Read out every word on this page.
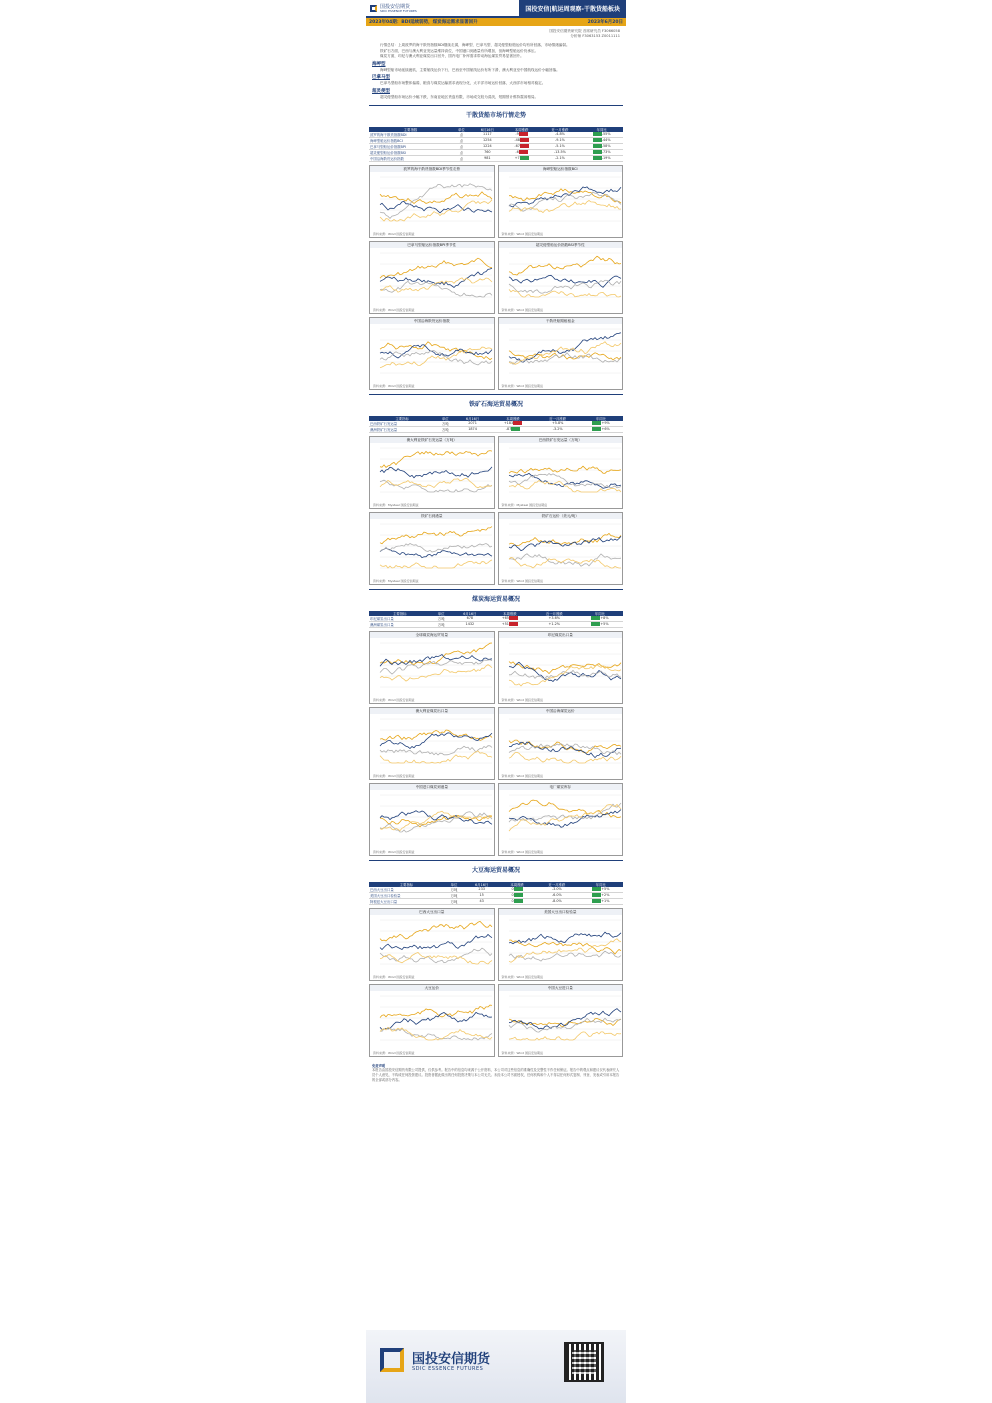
国投安信期货
SDIC ESSENCE FUTURES	国投安信|航运周观察-干散货船板块
2023年04期：BDI延续弱势，煤炭海运需求显著回升	2023年6月20日
国投安信期货研究院 首席研究员 F3066058
分析师 F3063153 Z0011111

行情总结：上周波罗的海干散货指数BDI继续走弱，海岬型、巴拿马型、超灵便型船舶运价均有所回落，市场情绪偏弱。

铁矿石方面，巴西与澳大利亚发运量维持高位，中国港口到港量有所增加，但海岬型船运价仍承压。

煤炭方面，印尼与澳大利亚煤炭出口回升，国内电厂补库需求带动海运煤炭贸易显著回升。

海岬型

海岬型船市场延续疲软，主要航线运价下行，巴西至中国航线运价有所下滑，澳大利亚至中国航线运价小幅回落。

巴拿马型

巴拿马型船市场整体偏弱，粮食与煤炭运输需求表现分化，太平洋市场运价回落，大西洋市场相对稳定。

超灵便型

超灵便型船市场运价小幅下跌，东南亚地区货盘有限，市场成交较为清淡，短期预计维持震荡格局。

$^{干散货船市场行情走势}$
主要指数	单位	6月16日	本周涨跌	近一月涨跌	年同比
波罗的海干散货指数BDI	点	1117	-9	-4.8%	-55%
海岬型船运价指数BCI	点	1254	-48	-9.1%	-44%
巴拿马型船运价指数BPI	点	1224	-67	-5.1%	-58%
超灵便型船运价指数BSI	点	760	-6	-13.5%	-73%
中国沿海散货运价指数	点	981	+7	-2.1%	-19%
波罗的海干散货指数BDI季节性走势
资料来源：Wind 国投安信期货
海岬型船运价指数BCI
资料来源：Wind 国投安信期货
巴拿马型船运价指数BPI季节性
资料来源：Wind 国投安信期货
超灵便型船运价指数BSI季节性
资料来源：Wind 国投安信期货
中国沿海散货运价指数
资料来源：Wind 国投安信期货
干散货船期租租金
资料来源：Wind 国投安信期货
$^{铁矿石海运贸易概况}$
主要指标	单位	6月16日	本周涨跌	近一月涨跌	年同比
巴西铁矿石发运量	万吨	2071	+183	+5.8%	+9%
澳洲铁矿石发运量	万吨	1874	-87	-3.2%	+6%
澳大利亚铁矿石发运量（万吨）
资料来源：Mysteel 国投安信期货
巴西铁矿石发运量（万吨）
资料来源：Mysteel 国投安信期货
铁矿石到港量
资料来源：Mysteel 国投安信期货
铁矿石运价（美元/吨）
资料来源：Wind 国投安信期货
$^{煤炭海运贸易概况}$
主要指标	单位	6月16日	本周涨跌	近一月涨跌	年同比
印尼煤炭出口量	万吨	678	+65	+3.6%	+8%
澳洲煤炭出口量	万吨	1432	+51	+1.2%	+5%
全球煤炭海运贸易量
资料来源：Wind 国投安信期货
印尼煤炭出口量
资料来源：Wind 国投安信期货
澳大利亚煤炭出口量
资料来源：Wind 国投安信期货
中国沿海煤炭运价
资料来源：Wind 国投安信期货
中国进口煤炭到港量
资料来源：Wind 国投安信期货
电厂煤炭库存
资料来源：Wind 国投安信期货
$^{大豆海运贸易概况}$
主要指标	单位	6月16日	本周涨跌	近一月涨跌	年同比
巴西大豆出口量	万吨	233	0	-3.0%	+5%
美国大豆出口检验量	万吨	15	0	-6.0%	+2%
阿根廷大豆出口量	万吨	43	0	-8.0%	+1%
巴西大豆出口量
资料来源：Wind 国投安信期货
美国大豆出口检验量
资料来源：Wind 国投安信期货
大豆运价
资料来源：Wind 国投安信期货
中国大豆进口量
资料来源：Wind 国投安信期货
免责声明
本报告由国投安信期货有限公司提供，仅供参考。报告中的信息均来源于公开资料，本公司对这些信息的准确性及完整性不作任何保证。报告中的观点和建议仅代表研究人员个人意见，不构成任何投资建议。投资者据此做出的任何投资决策与本公司无关。未经本公司书面授权，任何机构和个人不得以任何形式复制、刊登、发表或引用本报告的全部或部分内容。
国投安信期货
SDIC ESSENCE FUTURES
